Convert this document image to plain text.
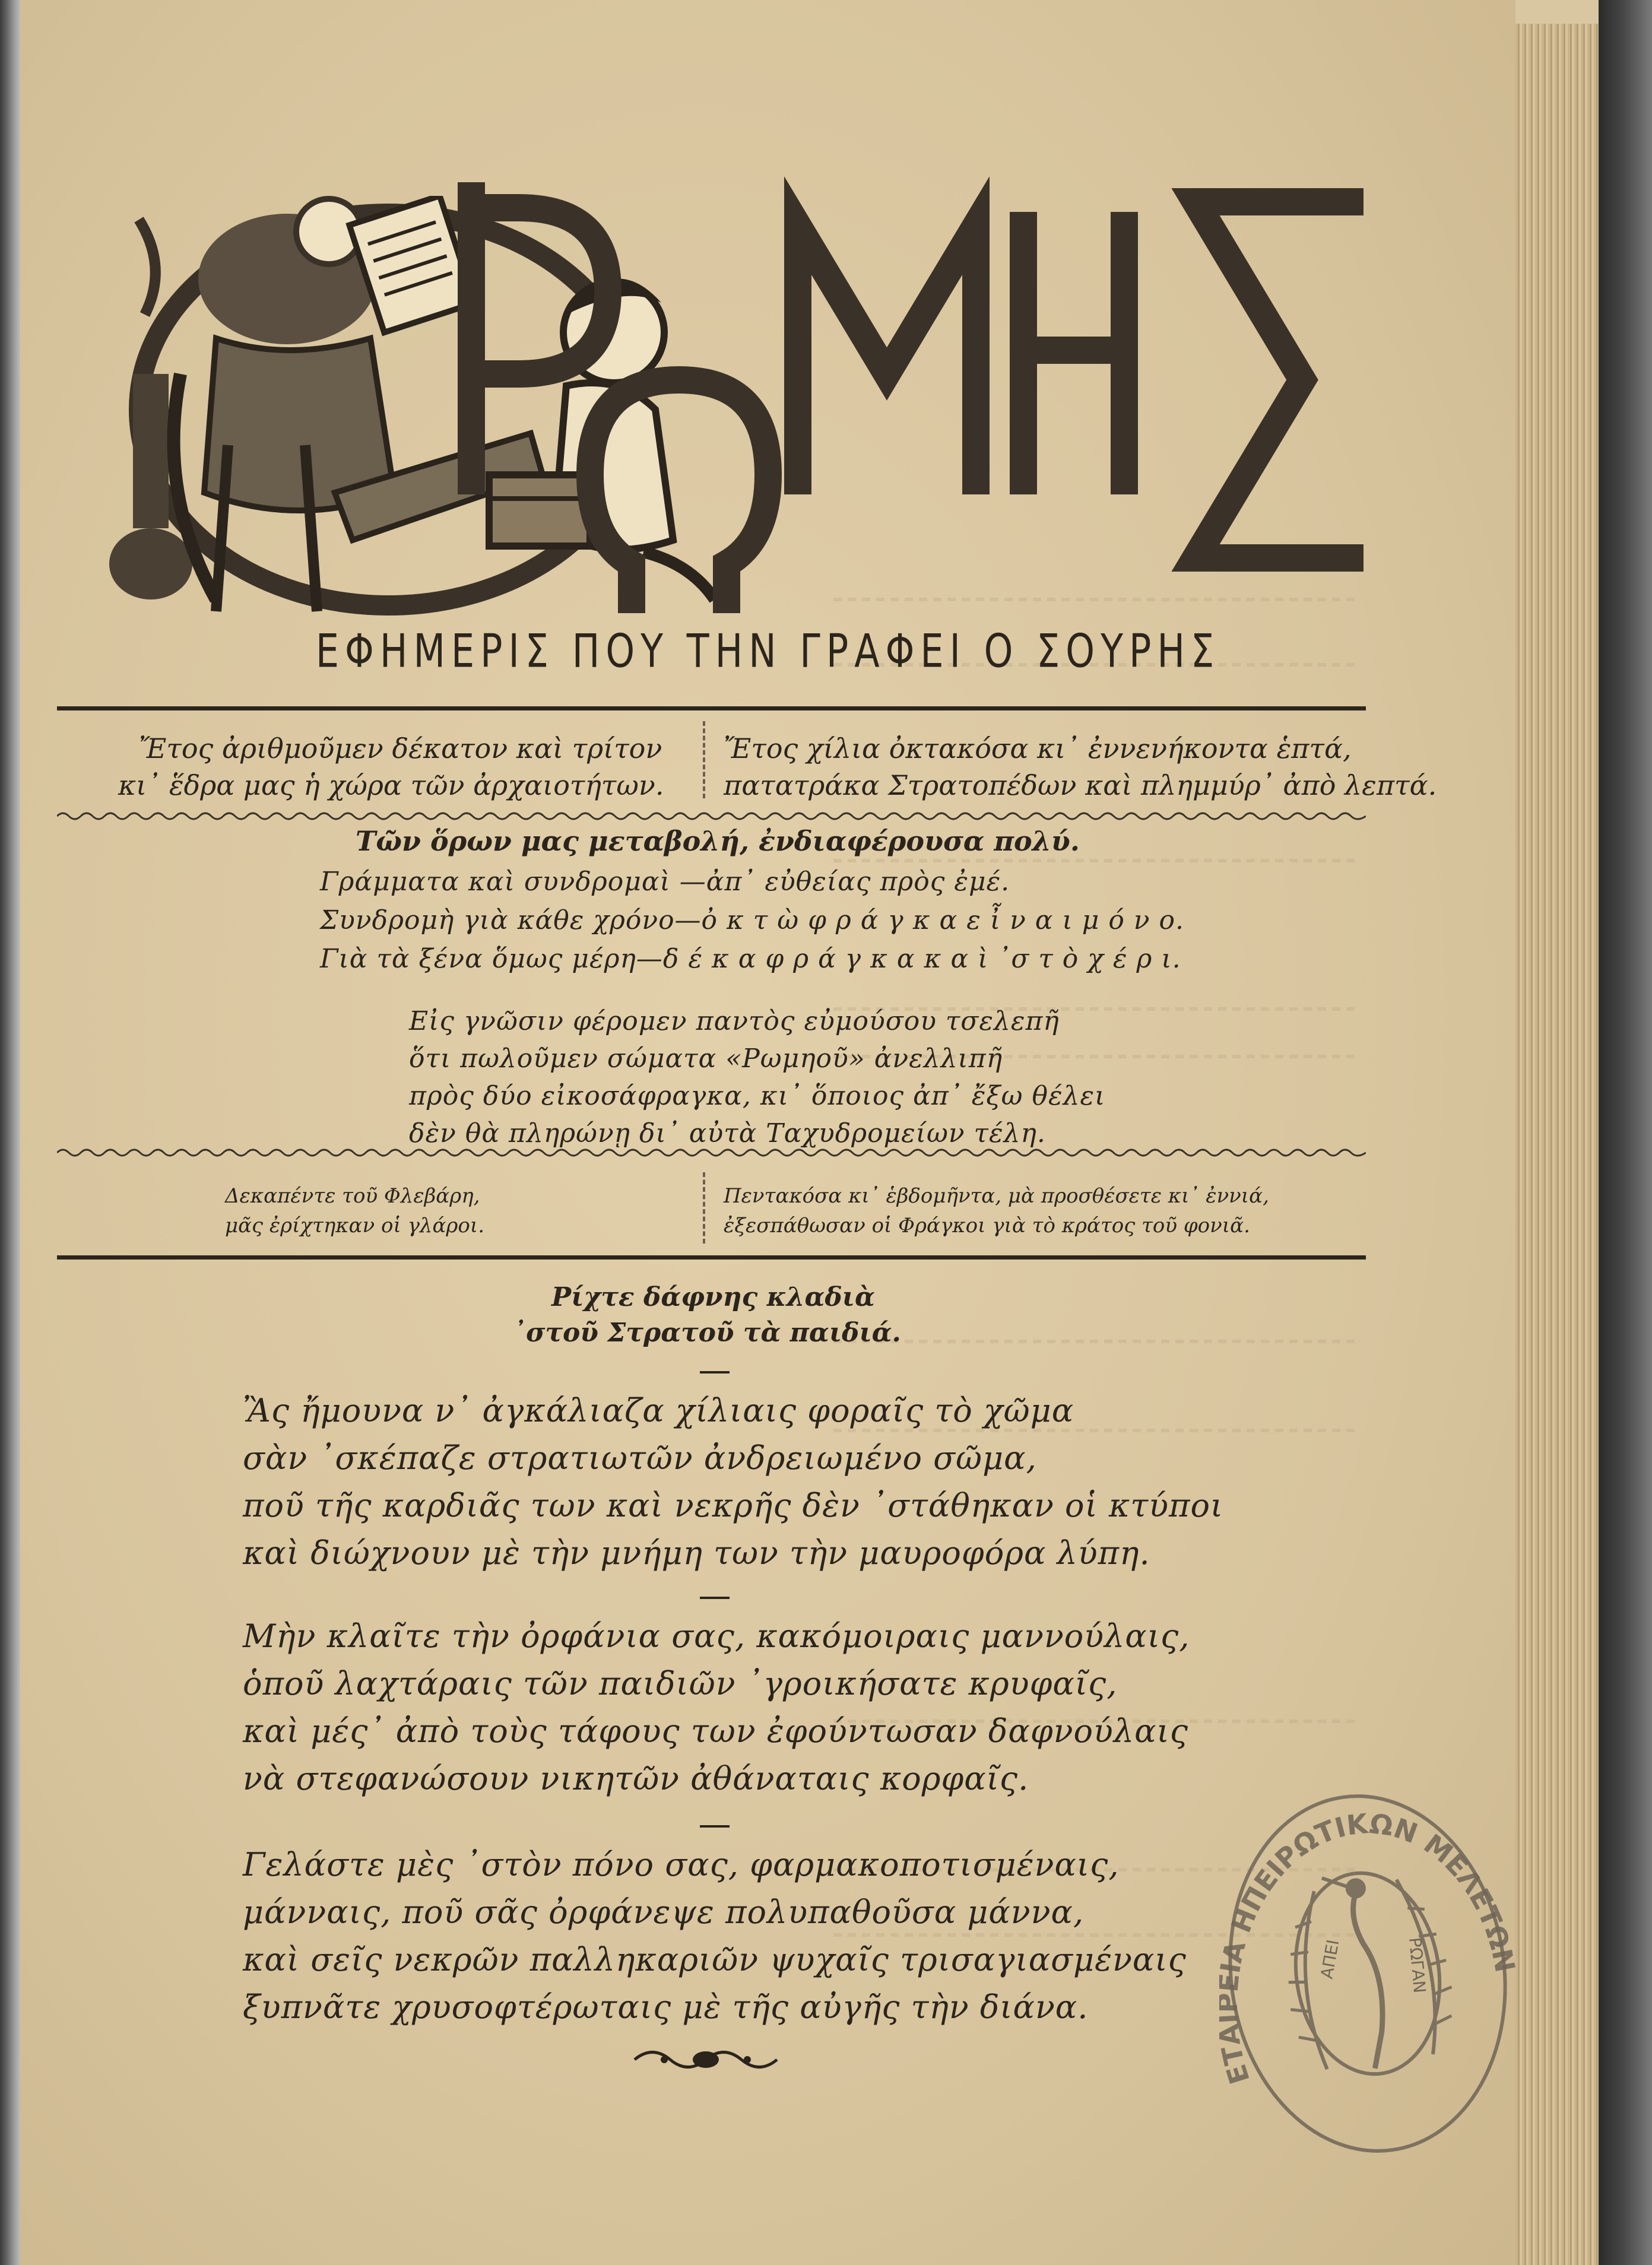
ΕΦΗΜΕΡΙΣ ΠΟΥ ΤΗΝ ΓΡΑΦΕΙ Ο ΣΟΥΡΗΣ
Ἔτος ἀριθμοῦμεν δέκατον καὶ τρίτον
κι᾽ ἕδρα μας ἡ χώρα τῶν ἀρχαιοτήτων.
Ἔτος χίλια ὀκτακόσα κι᾽ ἐννενήκοντα ἑπτά,
πατατράκα Στρατοπέδων καὶ πλημμύρ᾽ ἀπὸ λεπτά.
Τῶν ὅρων μας μεταβολή, ἐνδιαφέρουσα πολύ.
Γράμματα καὶ συνδρομαὶ —ἀπ᾽ εὐθείας πρὸς ἐμέ.
Συνδρομὴ γιὰ κάθε χρόνο—ὀ κ τ ὼ φ ρ ά γ κ α ε ἶ ν α ι μ ό ν ο.
Γιὰ τὰ ξένα ὅμως μέρη—δ έ κ α φ ρ ά γ κ α κ α ὶ ᾽σ τ ὸ χ έ ρ ι.
Εἰς γνῶσιν φέρομεν παντὸς εὐμούσου τσελεπῆ
ὅτι πωλοῦμεν σώματα «Ρωμηοῦ» ἀνελλιπῆ
πρὸς δύο εἰκοσάφραγκα, κι᾽ ὅποιος ἀπ᾽ ἔξω θέλει
δὲν θὰ πληρώνῃ δι᾽ αὐτὰ Ταχυδρομείων τέλη.
Δεκαπέντε τοῦ Φλεβάρη,
μᾶς ἐρίχτηκαν οἱ γλάροι.
Πεντακόσα κι᾽ ἑβδομῆντα, μὰ προσθέσετε κι᾽ ἐννιά,
ἐξεσπάθωσαν οἱ Φράγκοι γιὰ τὸ κράτος τοῦ φονιᾶ.
Ρίχτε δάφνης κλαδιὰ
᾽στοῦ Στρατοῦ τὰ παιδιά.
Ἂς ἤμουνα ν᾽ ἀγκάλιαζα χίλιαις φοραῖς τὸ χῶμα
σὰν ᾽σκέπαζε στρατιωτῶν ἀνδρειωμένο σῶμα,
ποῦ τῆς καρδιᾶς των καὶ νεκρῆς δὲν ᾽στάθηκαν οἱ κτύποι
καὶ διώχνουν μὲ τὴν μνήμη των τὴν μαυροφόρα λύπη.
Μὴν κλαῖτε τὴν ὀρφάνια σας, κακόμοιραις μαννούλαις,
ὁποῦ λαχτάραις τῶν παιδιῶν ᾽γροικήσατε κρυφαῖς,
καὶ μές᾽ ἀπὸ τοὺς τάφους των ἐφούντωσαν δαφνούλαις
νὰ στεφανώσουν νικητῶν ἀθάναταις κορφαῖς.
Γελάστε μὲς ᾽στὸν πόνο σας, φαρμακοποτισμέναις,
μάνναις, ποῦ σᾶς ὀρφάνεψε πολυπαθοῦσα μάννα,
καὶ σεῖς νεκρῶν παλληκαριῶν ψυχαῖς τρισαγιασμέναις
ξυπνᾶτε χρυσοφτέρωταις μὲ τῆς αὐγῆς τὴν διάνα.
ΑΠΕΙ	ΡΩΓΑΝ
Ε Α ΗΠΕΙΡΩΤΙΚΩΝ ΜΕΛΕΤΩ
